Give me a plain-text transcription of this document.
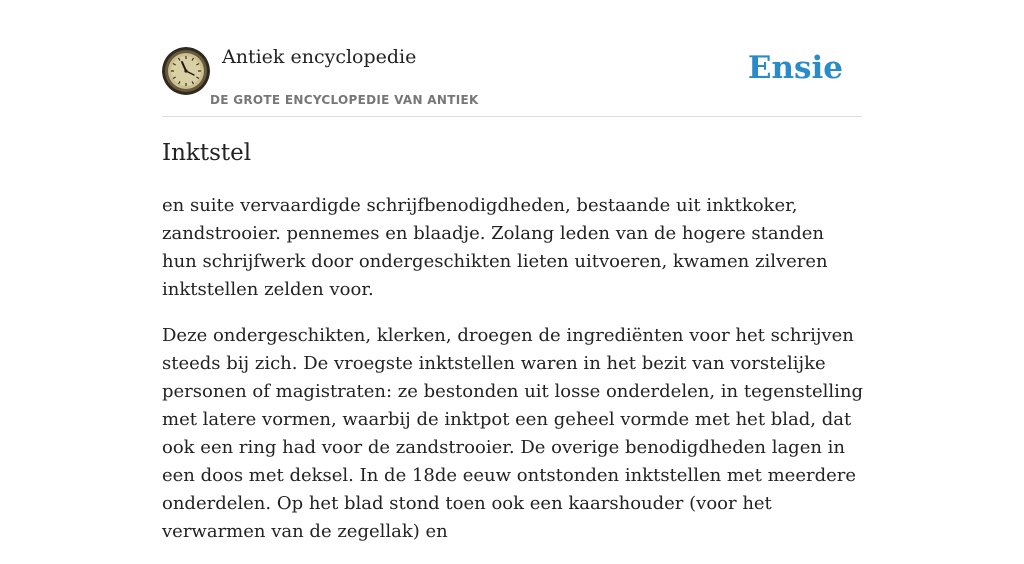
Antiek encyclopedie
DE GROTE ENCYCLOPEDIE VAN ANTIEK
Ensie
Inktstel

en suite vervaardigde schrijfbenodigdheden, bestaande uit inktkoker, zandstrooier. pennemes en blaadje. Zolang leden van de hogere standen hun schrijfwerk door ondergeschikten lieten uitvoeren, kwamen zilveren inktstellen zelden voor.

Deze ondergeschikten, klerken, droegen de ingrediënten voor het schrijven steeds bij zich. De vroegste inktstellen waren in het bezit van vorstelijke personen of magistraten: ze bestonden uit losse onderdelen, in tegenstelling met latere vormen, waarbij de inktpot een geheel vormde met het blad, dat ook een ring had voor de zandstrooier. De overige benodigdheden lagen in een doos met deksel. In de 18de eeuw ontstonden inktstellen met meerdere onderdelen. Op het blad stond toen ook een kaarshouder (voor het verwarmen van de zegellak) en
